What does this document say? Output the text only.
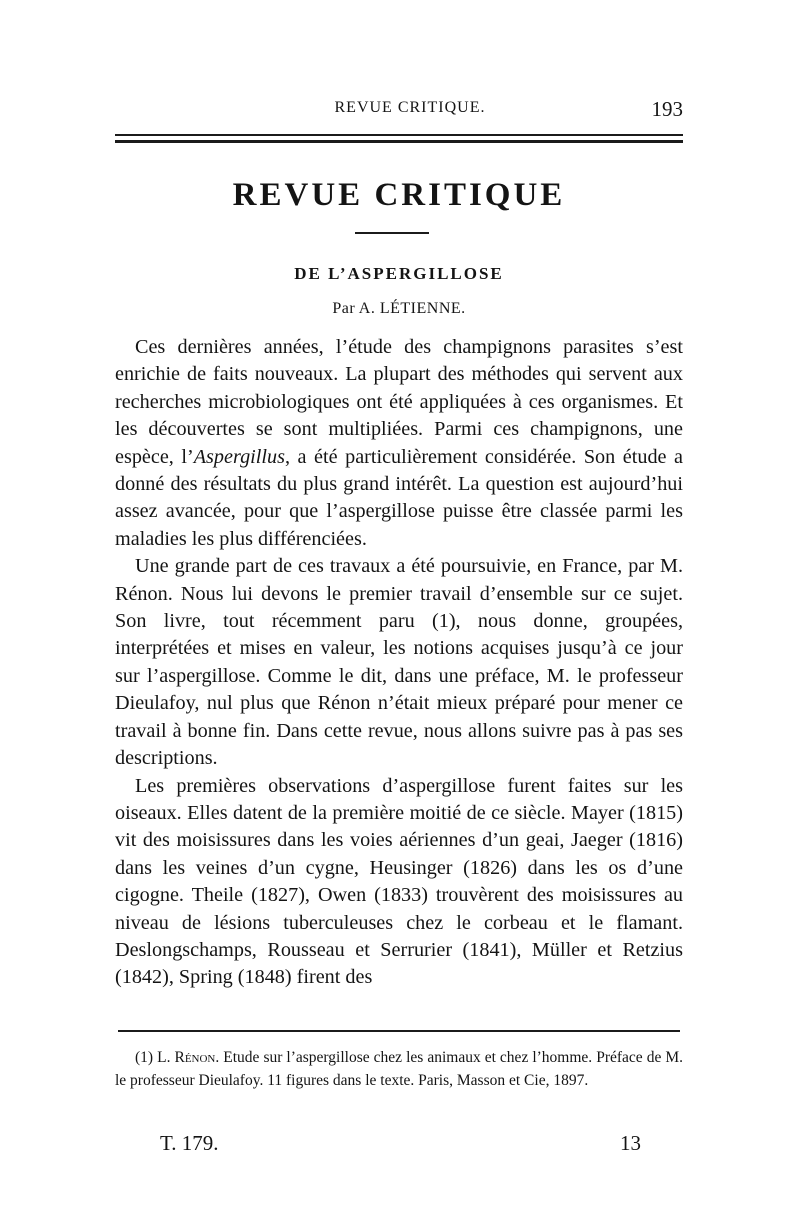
REVUE CRITIQUE.	193
REVUE CRITIQUE
DE L’ASPERGILLOSE
Par A. LÉTIENNE.

Ces dernières années, l’étude des champignons parasites s’est enrichie de faits nouveaux. La plupart des méthodes qui servent aux recherches microbiologiques ont été appliquées à ces organismes. Et les découvertes se sont multipliées. Parmi ces champignons, une espèce, l’Aspergillus, a été particulièrement considérée. Son étude a donné des résultats du plus grand intérêt. La question est aujourd’hui assez avancée, pour que l’aspergillose puisse être classée parmi les maladies les plus différenciées.

Une grande part de ces travaux a été poursuivie, en France, par M. Rénon. Nous lui devons le premier travail d’ensemble sur ce sujet. Son livre, tout récemment paru (1), nous donne, groupées, interprétées et mises en valeur, les notions acquises jusqu’à ce jour sur l’aspergillose. Comme le dit, dans une préface, M. le professeur Dieulafoy, nul plus que Rénon n’était mieux préparé pour mener ce travail à bonne fin. Dans cette revue, nous allons suivre pas à pas ses descriptions.

Les premières observations d’aspergillose furent faites sur les oiseaux. Elles datent de la première moitié de ce siècle. Mayer (1815) vit des moisissures dans les voies aériennes d’un geai, Jaeger (1816) dans les veines d’un cygne, Heusinger (1826) dans les os d’une cigogne. Theile (1827), Owen (1833) trouvèrent des moisissures au niveau de lésions tuberculeuses chez le corbeau et le flamant. Deslongschamps, Rousseau et Serrurier (1841), Müller et Retzius (1842), Spring (1848) firent des

(1) L. Rénon. Etude sur l’aspergillose chez les animaux et chez l’homme. Préface de M. le professeur Dieulafoy. 11 figures dans le texte. Paris, Masson et Cie, 1897.

T. 179.	13
